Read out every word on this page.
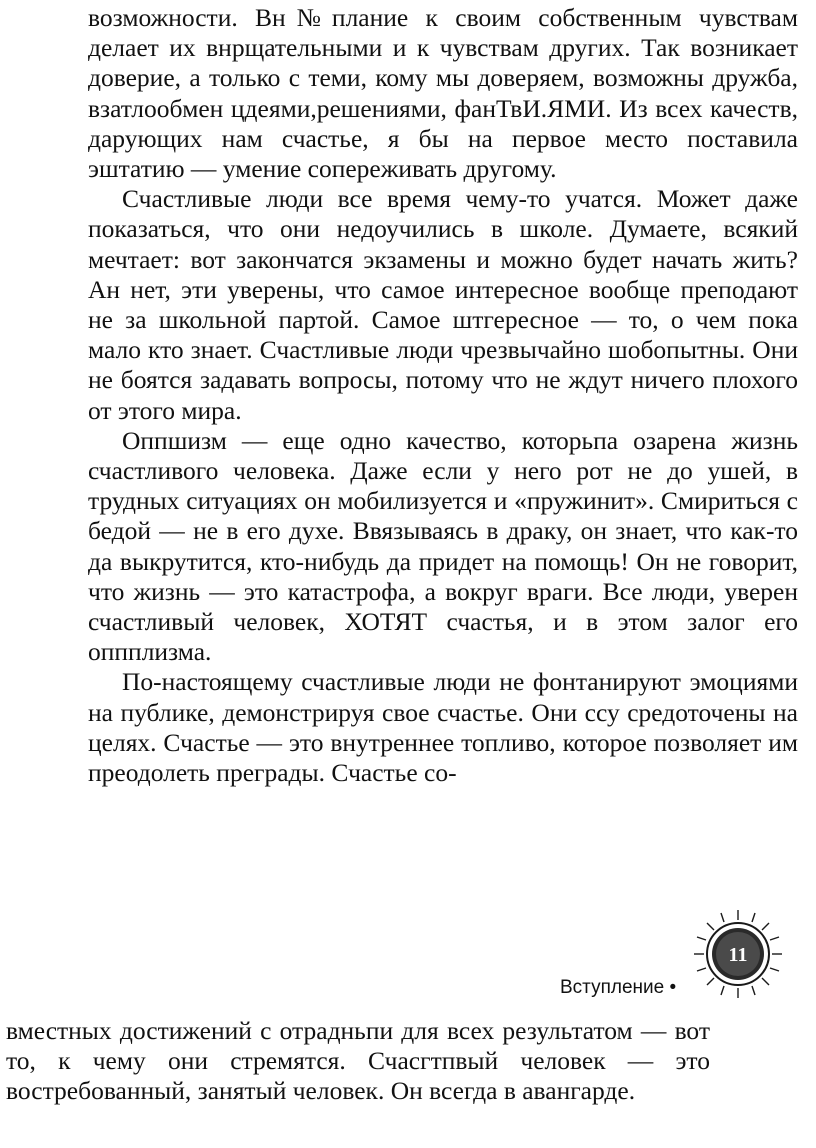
возможности. Вн№плание к своим собственным чувствам делает их внрщательными и к чувствам других. Так возникает доверие, а только с теми, кому мы доверяем, возможны дружба, взатлообмен цдеями,решениями, фанТвИ.ЯМИ. Из всех качеств, дарующих нам счастье, я бы на первое место поставила эштатию — умение сопереживать другому.

Счастливые люди все время чему-то учатся. Может даже показаться, что они недоучились в школе. Думаете, всякий мечтает: вот закончатся экзамены и можно будет начать жить? Ан нет, эти уверены, что самое интересное вообще преподают не за школьной партой. Самое штгересное — то, о чем пока мало кто знает. Счастливые люди чрезвычайно шобопытны. Они не боятся задавать вопросы, потому что не ждут ничего плохого от этого мира.

Оппшизм — еще одно качество, которьпа озарена жизнь счастливого человека. Даже если у него рот не до ушей, в трудных ситуациях он мобилизуется и «пружинит». Смириться с бедой — не в его духе. Ввязываясь в драку, он знает, что как-то да выкрутится, кто-нибудь да придет на помощь! Он не говорит, что жизнь — это катастрофа, а вокруг враги. Все люди, уверен счастливый человек, ХОТЯТ счастья, и в этом залог его оппплизма.

По-настоящему счастливые люди не фонтанируют эмоциями на публике, демонстрируя свое счастье. Они ссу средоточены на целях. Счастье — это внутреннее топливо, которое позволяет им преодолеть преграды. Счастье со-

11
Вступление •

вместных достижений с отрадньпи для всех результатом — вот то, к чему они стремятся. Счасгтпвый человек — это востребованный, занятый человек. Он всегда в авангарде.
